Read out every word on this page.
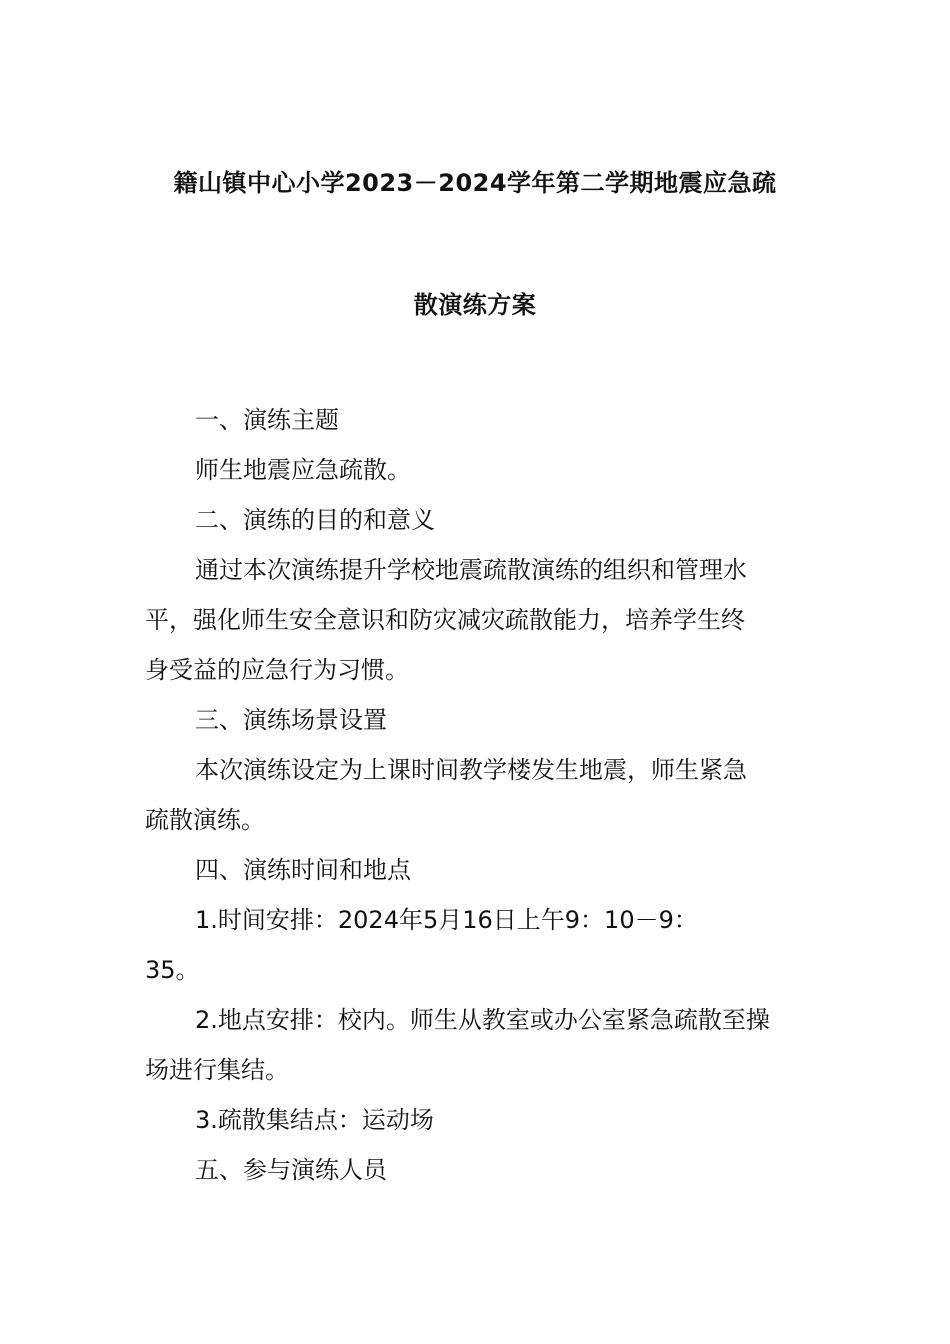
籍山镇中心小学2023－2024学年第二学期地震应急疏
散演练方案
一、演练主题
师生地震应急疏散。
二、演练的目的和意义
通过本次演练提升学校地震疏散演练的组织和管理水
平，强化师生安全意识和防灾减灾疏散能力，培养学生终
身受益的应急行为习惯。
三、演练场景设置
本次演练设定为上课时间教学楼发生地震，师生紧急
疏散演练。
四、演练时间和地点
1.时间安排：2024年5月16日上午9：10－9：
35。
2.地点安排：校内。师生从教室或办公室紧急疏散至操
场进行集结。
3.疏散集结点：运动场
五、参与演练人员
